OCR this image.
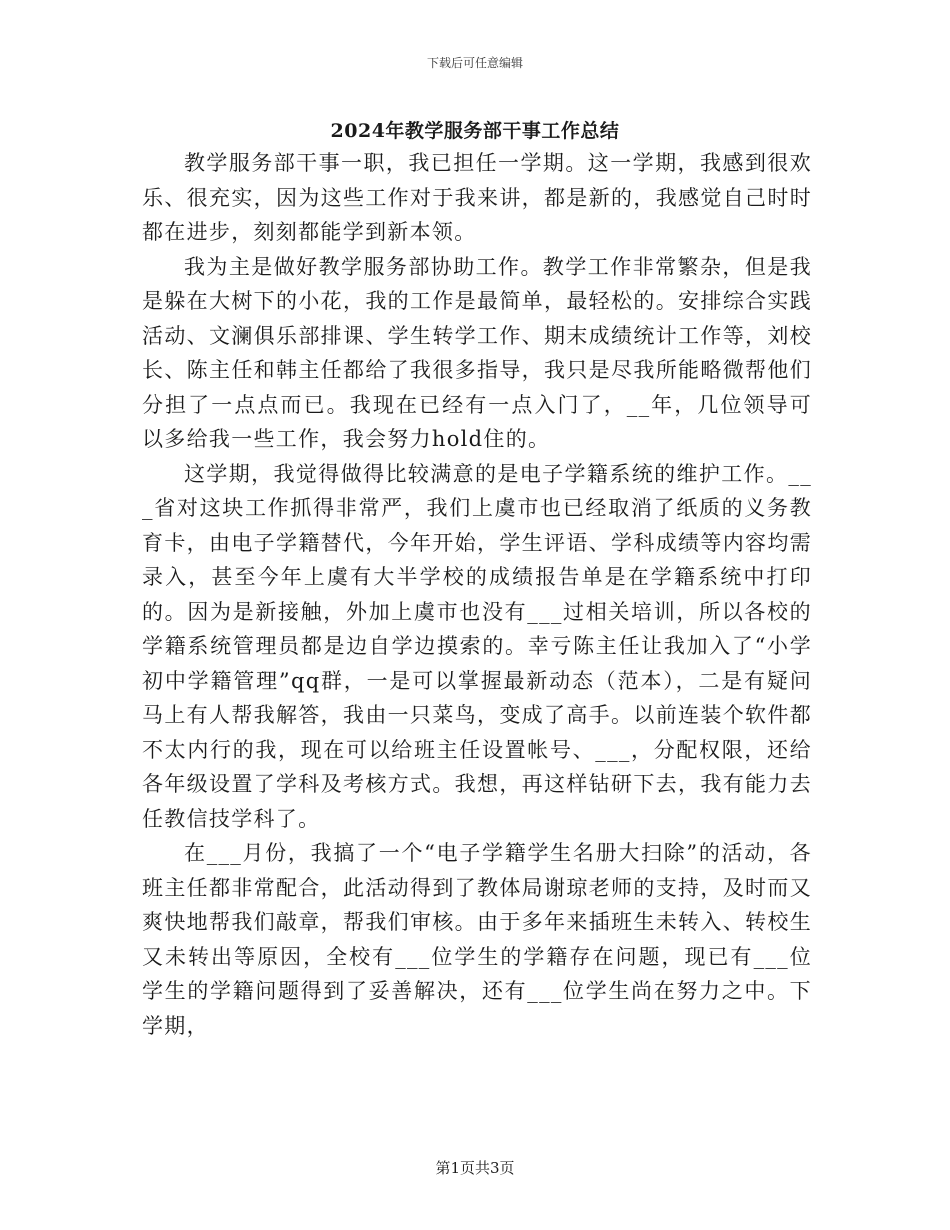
下载后可任意编辑
2024年教学服务部干事工作总结

教学服务部干事一职，我已担任一学期。这一学期，我感到很欢乐、很充实，因为这些工作对于我来讲，都是新的，我感觉自己时时都在进步，刻刻都能学到新本领。

我为主是做好教学服务部协助工作。教学工作非常繁杂，但是我是躲在大树下的小花，我的工作是最简单，最轻松的。安排综合实践活动、文澜俱乐部排课、学生转学工作、期末成绩统计工作等，刘校长、陈主任和韩主任都给了我很多指导，我只是尽我所能略微帮他们分担了一点点而已。我现在已经有一点入门了，__年，几位领导可以多给我一些工作，我会努力hold住的。

这学期，我觉得做得比较满意的是电子学籍系统的维护工作。___省对这块工作抓得非常严，我们上虞市也已经取消了纸质的义务教育卡，由电子学籍替代，今年开始，学生评语、学科成绩等内容均需录入，甚至今年上虞有大半学校的成绩报告单是在学籍系统中打印的。因为是新接触，外加上虞市也没有___过相关培训，所以各校的学籍系统管理员都是边自学边摸索的。幸亏陈主任让我加入了“小学初中学籍管理”qq群，一是可以掌握最新动态（范本），二是有疑问马上有人帮我解答，我由一只菜鸟，变成了高手。以前连装个软件都不太内行的我，现在可以给班主任设置帐号、___，分配权限，还给各年级设置了学科及考核方式。我想，再这样钻研下去，我有能力去任教信技学科了。

在___月份，我搞了一个“电子学籍学生名册大扫除”的活动，各班主任都非常配合，此活动得到了教体局谢琼老师的支持，及时而又爽快地帮我们敲章，帮我们审核。由于多年来插班生未转入、转校生又未转出等原因，全校有___位学生的学籍存在问题，现已有___位学生的学籍问题得到了妥善解决，还有___位学生尚在努力之中。下学期，

第1页共3页
